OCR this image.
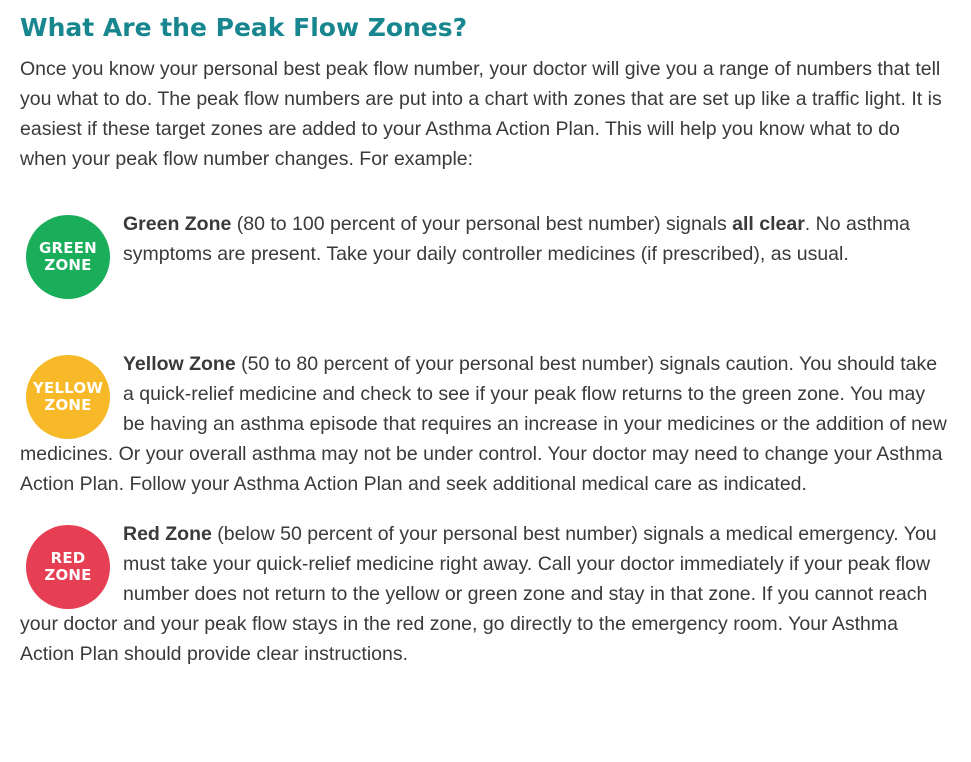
What Are the Peak Flow Zones?

Once you know your personal best peak flow number, your doctor will give you a range of numbers that tell you what to do. The peak flow numbers are put into a chart with zones that are set up like a traffic light. It is easiest if these target zones are added to your Asthma Action Plan. This will help you know what to do when your peak flow number changes. For example:

GREEN
ZONE

Green Zone (80 to 100 percent of your personal best number) signals all clear. No asthma symptoms are present. Take your daily controller medicines (if prescribed), as usual.

YELLOW
ZONE

Yellow Zone (50 to 80 percent of your personal best number) signals caution. You should take a quick-relief medicine and check to see if your peak flow returns to the green zone. You may be having an asthma episode that requires an increase in your medicines or the addition of new medicines. Or your overall asthma may not be under control. Your doctor may need to change your Asthma Action Plan. Follow your Asthma Action Plan and seek additional medical care as indicated.

RED
ZONE

Red Zone (below 50 percent of your personal best number) signals a medical emergency. You must take your quick-relief medicine right away. Call your doctor immediately if your peak flow number does not return to the yellow or green zone and stay in that zone. If you cannot reach your doctor and your peak flow stays in the red zone, go directly to the emergency room. Your Asthma Action Plan should provide clear instructions.
